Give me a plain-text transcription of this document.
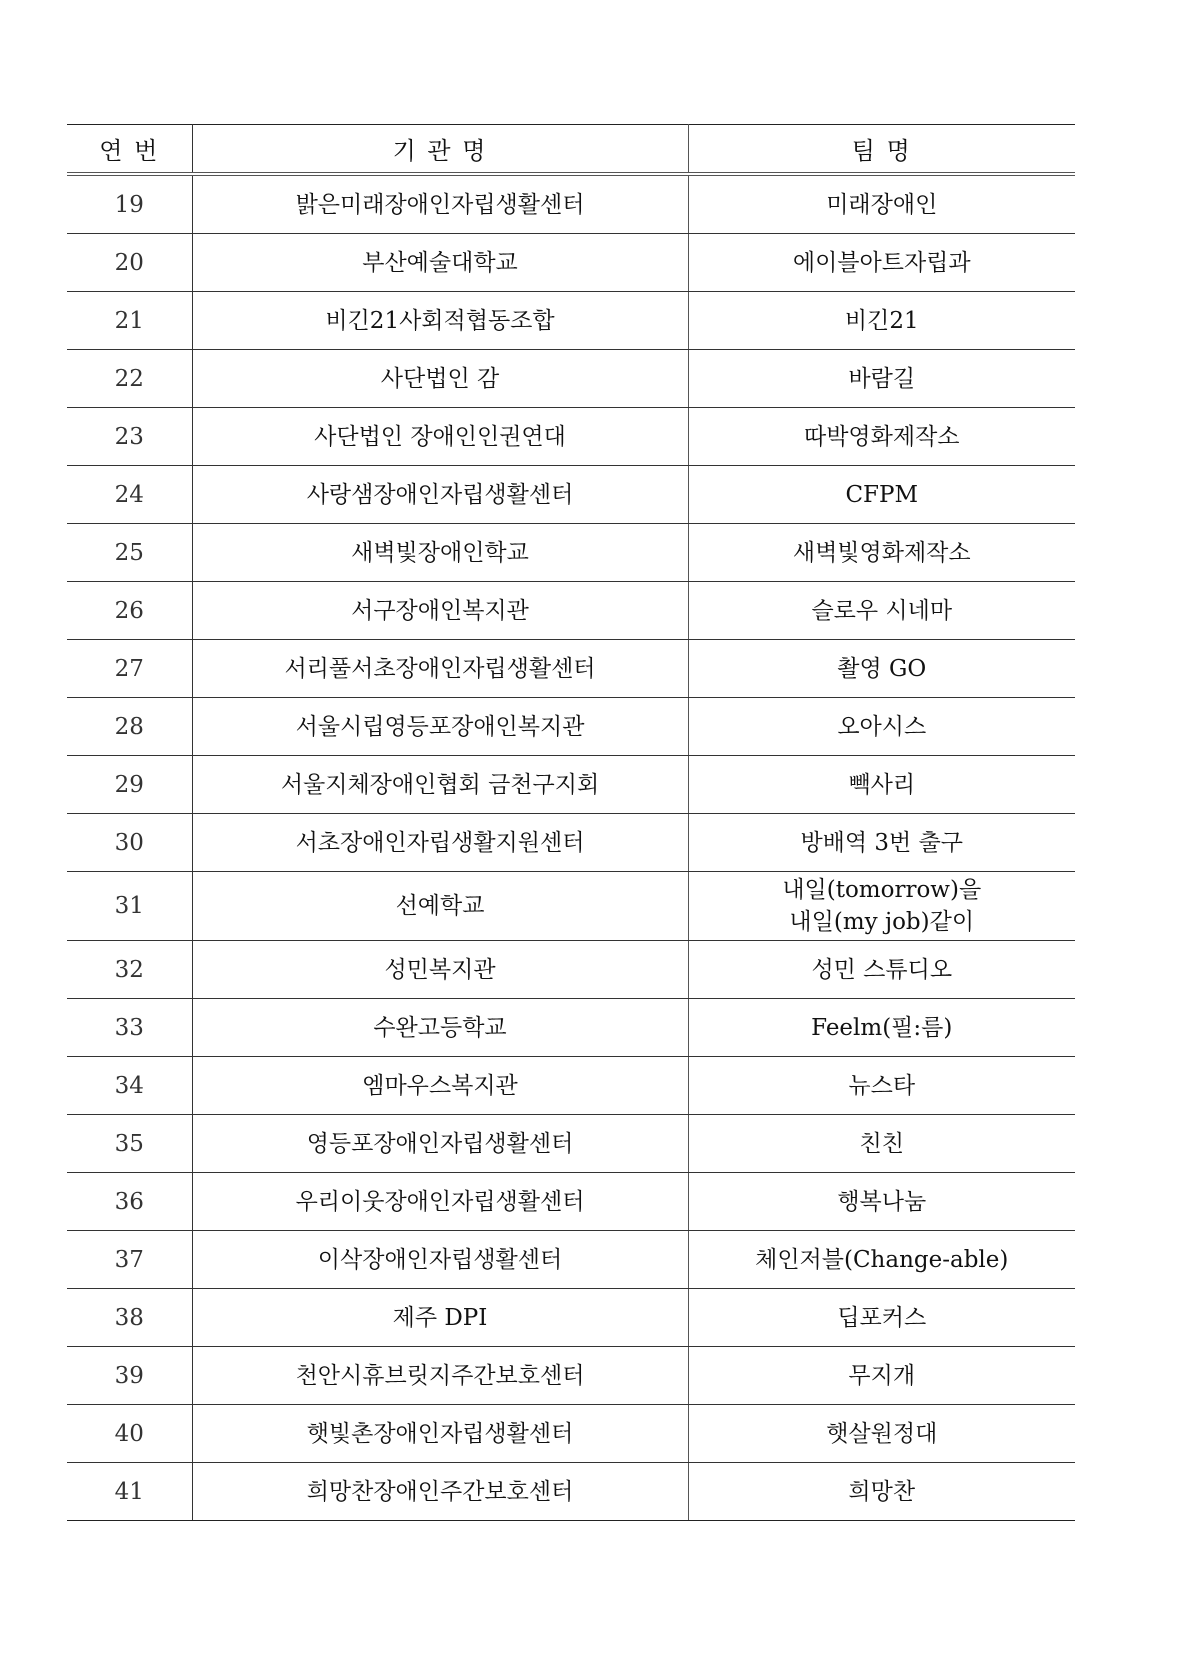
연 번	기 관 명	팀 명
19	밝은미래장애인자립생활센터	미래장애인

20	부산예술대학교	에이블아트자립과

21	비긴21사회적협동조합	비긴21

22	사단법인 감	바람길

23	사단법인 장애인인권연대	따박영화제작소

24	사랑샘장애인자립생활센터	CFPM

25	새벽빛장애인학교	새벽빛영화제작소

26	서구장애인복지관	슬로우 시네마

27	서리풀서초장애인자립생활센터	촬영 GO

28	서울시립영등포장애인복지관	오아시스

29	서울지체장애인협회 금천구지회	빽사리

30	서초장애인자립생활지원센터	방배역 3번 출구

31	선예학교	내일(tomorrow)을
내일(my job)같이

32	성민복지관	성민 스튜디오

33	수완고등학교	Feelm(필:름)

34	엠마우스복지관	뉴스타

35	영등포장애인자립생활센터	친친

36	우리이웃장애인자립생활센터	행복나눔

37	이삭장애인자립생활센터	체인저블(Change-able)

38	제주 DPI	딥포커스

39	천안시휴브릿지주간보호센터	무지개

40	햇빛촌장애인자립생활센터	햇살원정대

41	희망찬장애인주간보호센터	희망찬
